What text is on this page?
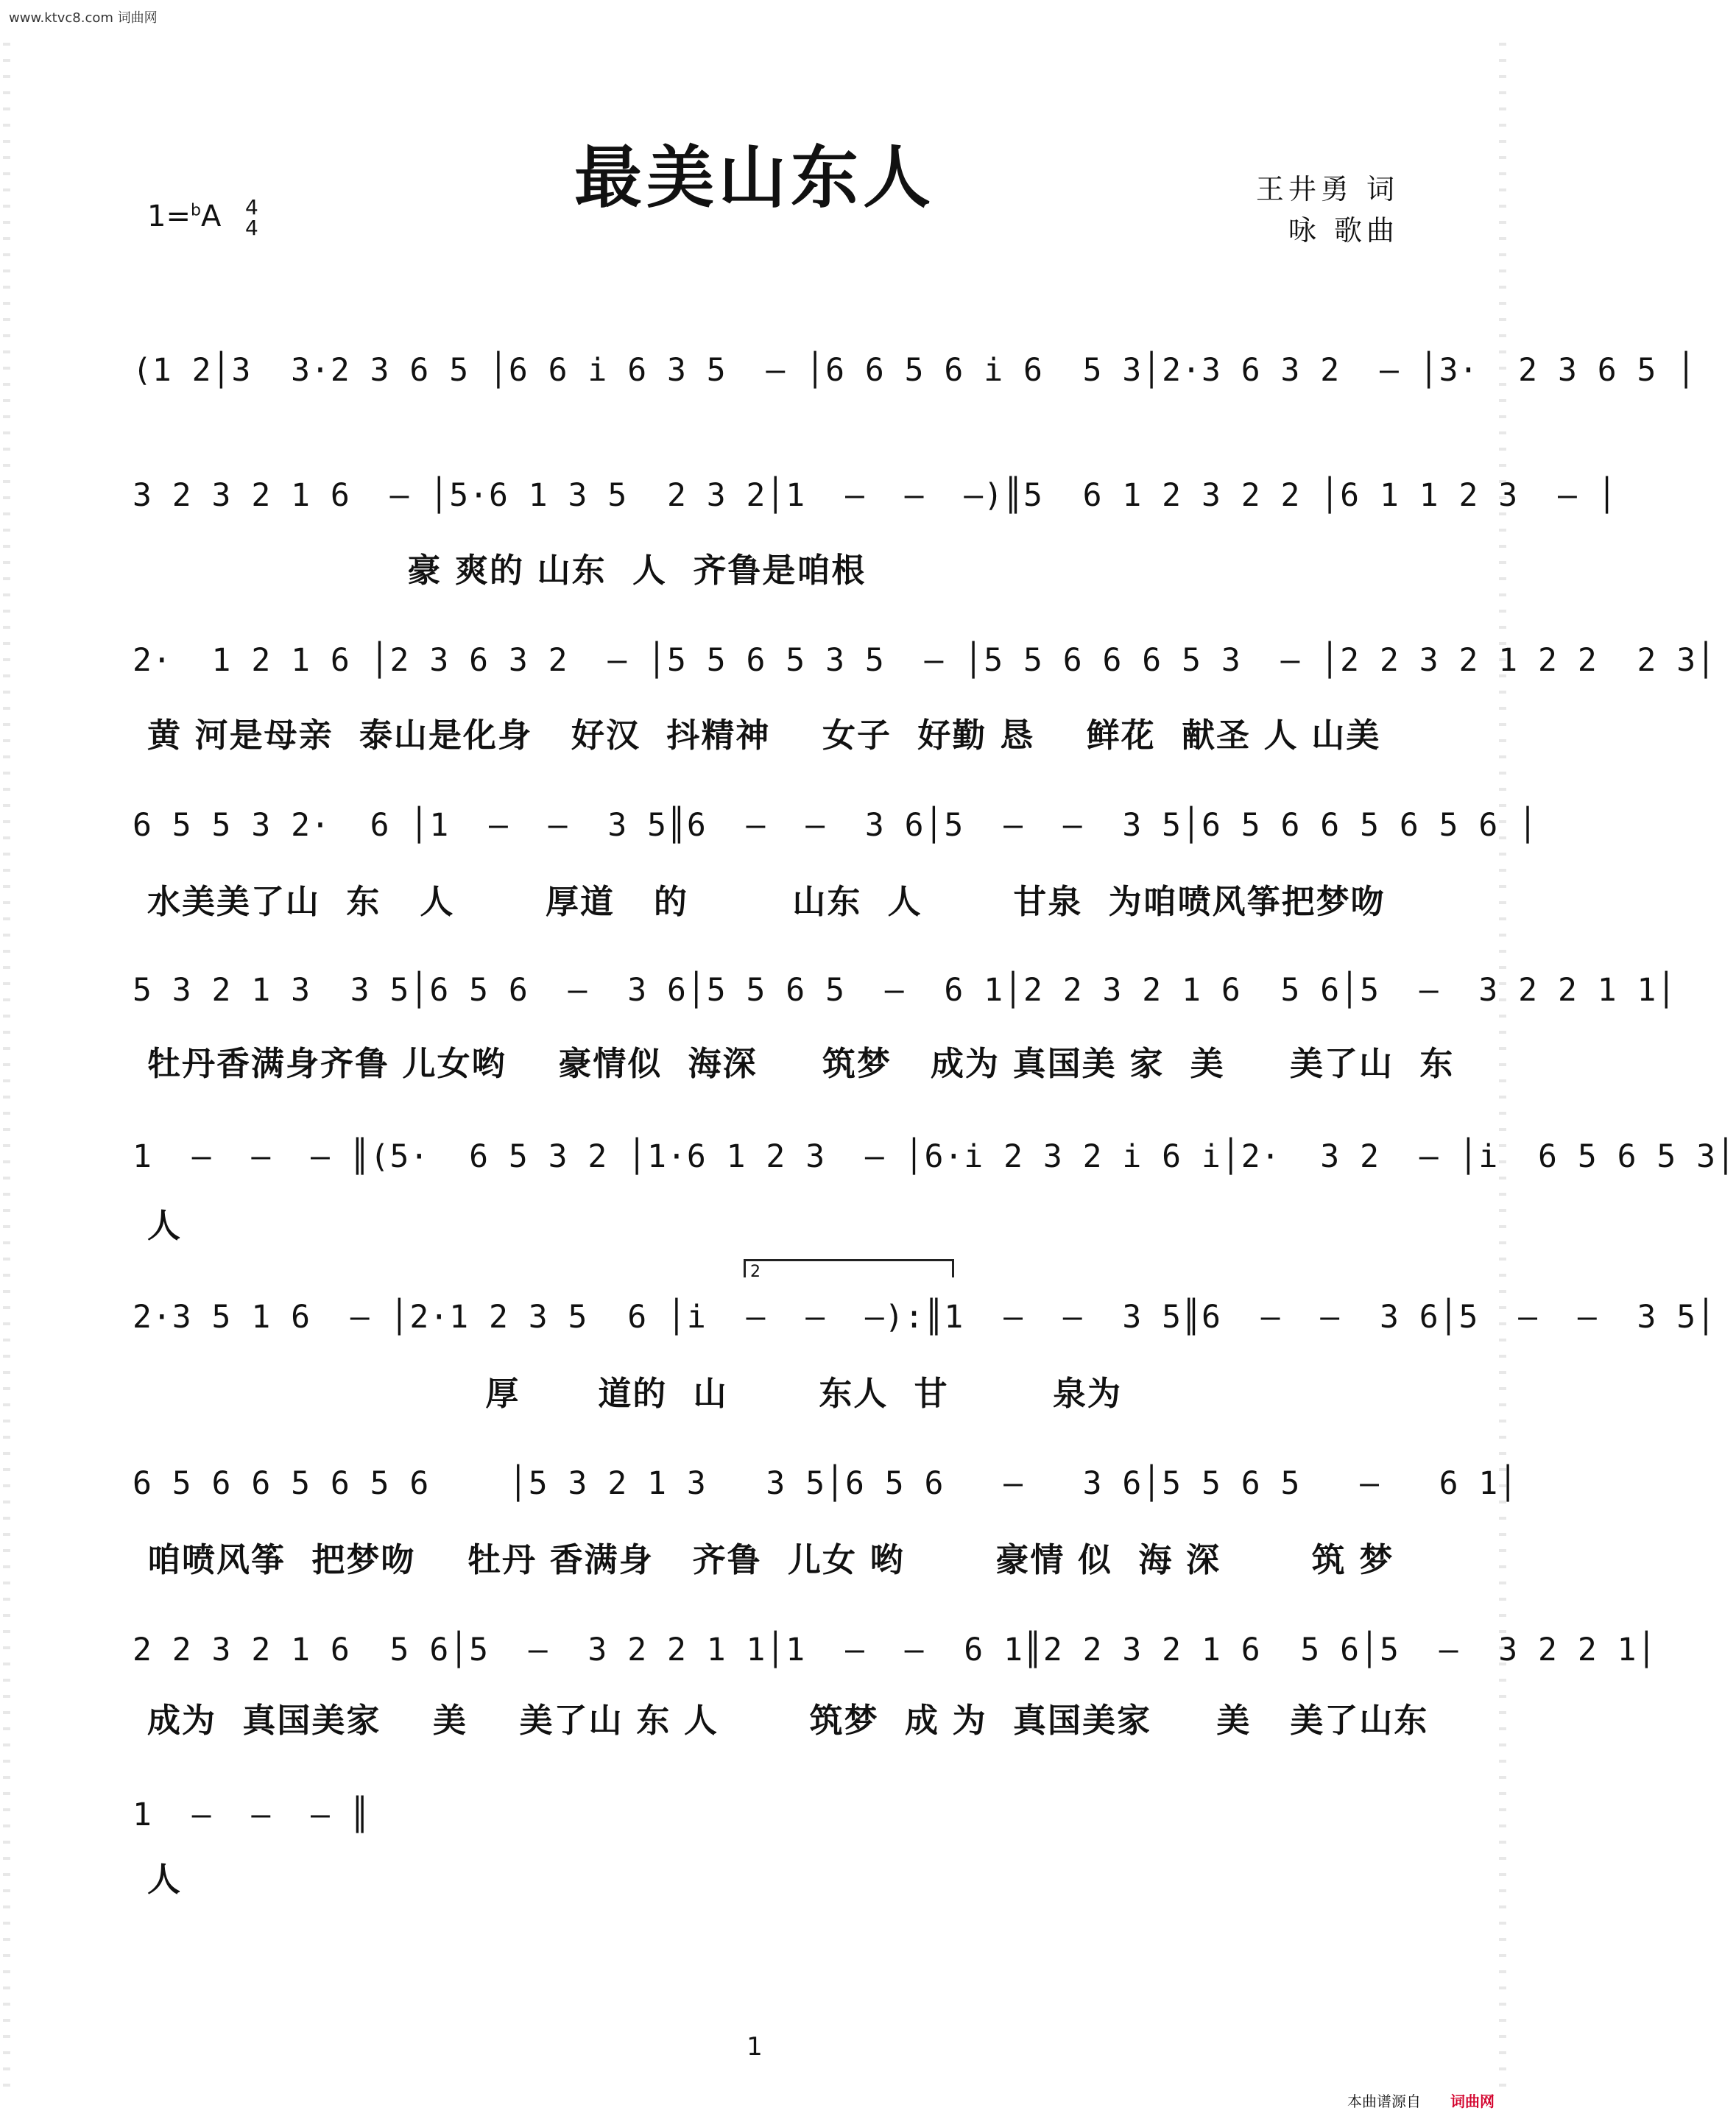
www.ktvc8.com 词曲网
最美山东人
1=$^b$A 4
4
王井勇 词
咏 歌曲
(1 2│3  3·2 3 6 5 │6 6 i 6 3 5  – │6 6 5 6 i 6  5 3│2·3 6 3 2  – │3·  2 3 6 5 │
3 2 3 2 1 6  – │5·6 1 3 5  2 3 2│1  –  –  –)║5  6 1 2 3 2 2 │6 1 1 2 3  – │
豪 爽的 山东  人  齐鲁是咱根
2·  1 2 1 6 │2 3 6 3 2  – │5 5 6 5 3 5  – │5 5 6 6 6 5 3  – │2 2 3 2 1 2 2  2 3│
黄 河是母亲  泰山是化身   好汉  抖精神    女子  好勤 恳    鲜花  献圣 人 山美
6 5 5 3 2·  6 │1  –  –  3 5║6  –  –  3 6│5  –  –  3 5│6 5 6 6 5 6 5 6 │
水美美了山  东   人       厚道   的        山东  人       甘泉  为咱喷风筝把梦吻
5 3 2 1 3  3 5│6 5 6  –  3 6│5 5 6 5  –  6 1│2 2 3 2 1 6  5 6│5  –  3 2 2 1 1│
牡丹香满身齐鲁 儿女哟    豪情似  海深     筑梦   成为 真国美 家  美     美了山  东
1  –  –  – ║(5·  6 5 3 2 │1·6 1 2 3  – │6·i 2 3 2 i 6 i│2·  3 2  – │i  6 5 6 5 3│
人
2
2·3 5 1 6  – │2·1 2 3 5  6 │i  –  –  –):║1  –  –  3 5║6  –  –  3 6│5  –  –  3 5│
厚      道的  山       东人  甘        泉为
6 5 6 6 5 6 5 6    │5 3 2 1 3   3 5│6 5 6   –   3 6│5 5 6 5   –   6 1│
咱喷风筝  把梦吻    牡丹 香满身   齐鲁  儿女 哟       豪情 似  海 深       筑 梦
2 2 3 2 1 6  5 6│5  –  3 2 2 1 1│1  –  –  6 1║2 2 3 2 1 6  5 6│5  –  3 2 2 1│
成为  真国美家    美    美了山 东 人       筑梦  成 为  真国美家     美   美了山东
1  –  –  – ║
人
1
本曲谱源自 词曲网
